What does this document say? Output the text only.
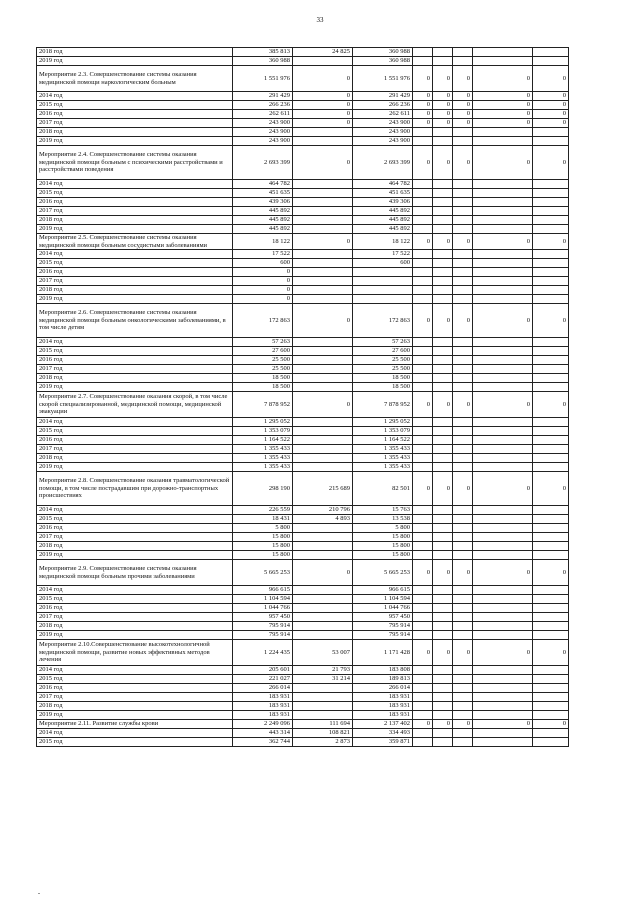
33
2018 год	385 813	24 825	360 988					
2019 год	360 988		360 988					
Мероприятие 2.3. Совершенствование системы оказания медицинской помощи наркологическим больным	1 551 976	0	1 551 976	0	0	0	0	0
2014 год	291 429	0	291 429	0	0	0	0	0
2015 год	266 236	0	266 236	0	0	0	0	0
2016 год	262 611	0	262 611	0	0	0	0	0
2017 год	243 900	0	243 900	0	0	0	0	0
2018 год	243 900		243 900					
2019 год	243 900		243 900					
Мероприятие 2.4. Совершенствование системы оказания медицинской помощи больным с психическими расстройствами и расстройствами поведения	2 693 399	0	2 693 399	0	0	0	0	0
2014 год	464 782		464 782					
2015 год	451 635		451 635					
2016 год	439 306		439 306					
2017 год	445 892		445 892					
2018 год	445 892		445 892					
2019 год	445 892		445 892					
Мероприятие 2.5. Совершенствование системы оказания медицинской помощи больным сосудистыми заболеваниями	18 122	0	18 122	0	0	0	0	0
2014 год	17 522		17 522					
2015 год	600		600					
2016 год	0							
2017 год	0							
2018 год	0							
2019 год	0							
Мероприятие 2.6. Совершенствование системы оказания медицинской помощи больным онкологическими заболеваниями, в том числе детям	172 863	0	172 863	0	0	0	0	0
2014 год	57 263		57 263					
2015 год	27 600		27 600					
2016 год	25 500		25 500					
2017 год	25 500		25 500					
2018 год	18 500		18 500					
2019 год	18 500		18 500					
Мероприятие 2.7. Совершенствование оказания скорой, в том числе скорой специализированной, медицинской помощи, медицинской эвакуации	7 878 952	0	7 878 952	0	0	0	0	0
2014 год	1 295 052		1 295 052					
2015 год	1 353 079		1 353 079					
2016 год	1 164 522		1 164 522					
2017 год	1 355 433		1 355 433					
2018 год	1 355 433		1 355 433					
2019 год	1 355 433		1 355 433					
Мероприятие 2.8. Совершенствование оказания травматологической помощи, в том числе пострадавшим при дорожно-транспортных происшествиях	298 190	215 689	82 501	0	0	0	0	0
2014 год	226 559	210 796	15 763					
2015 год	18 431	4 893	13 538					
2016 год	5 800		5 800					
2017 год	15 800		15 800					
2018 год	15 800		15 800					
2019 год	15 800		15 800					
Мероприятие 2.9. Совершенствование системы оказания медицинской помощи больным прочими заболеваниями	5 665 253	0	5 665 253	0	0	0	0	0
2014 год	966 615		966 615					
2015 год	1 104 594		1 104 594					
2016 год	1 044 766		1 044 766					
2017 год	957 450		957 450					
2018 год	795 914		795 914					
2019 год	795 914		795 914					
Мероприятие 2.10.Совершенствование высокотехнологичной медицинской помощи, развитие новых эффективных методов лечения	1 224 435	53 007	1 171 428	0	0	0	0	0
2014 год	205 601	21 793	183 808					
2015 год	221 027	31 214	189 813					
2016 год	266 014		266 014					
2017 год	183 931		183 931					
2018 год	183 931		183 931					
2019 год	183 931		183 931					
Мероприятие 2.11. Развитие службы крови	2 249 096	111 694	2 137 402	0	0	0	0	0
2014 год	443 314	108 821	334 493					
2015 год	362 744	2 873	359 871					
